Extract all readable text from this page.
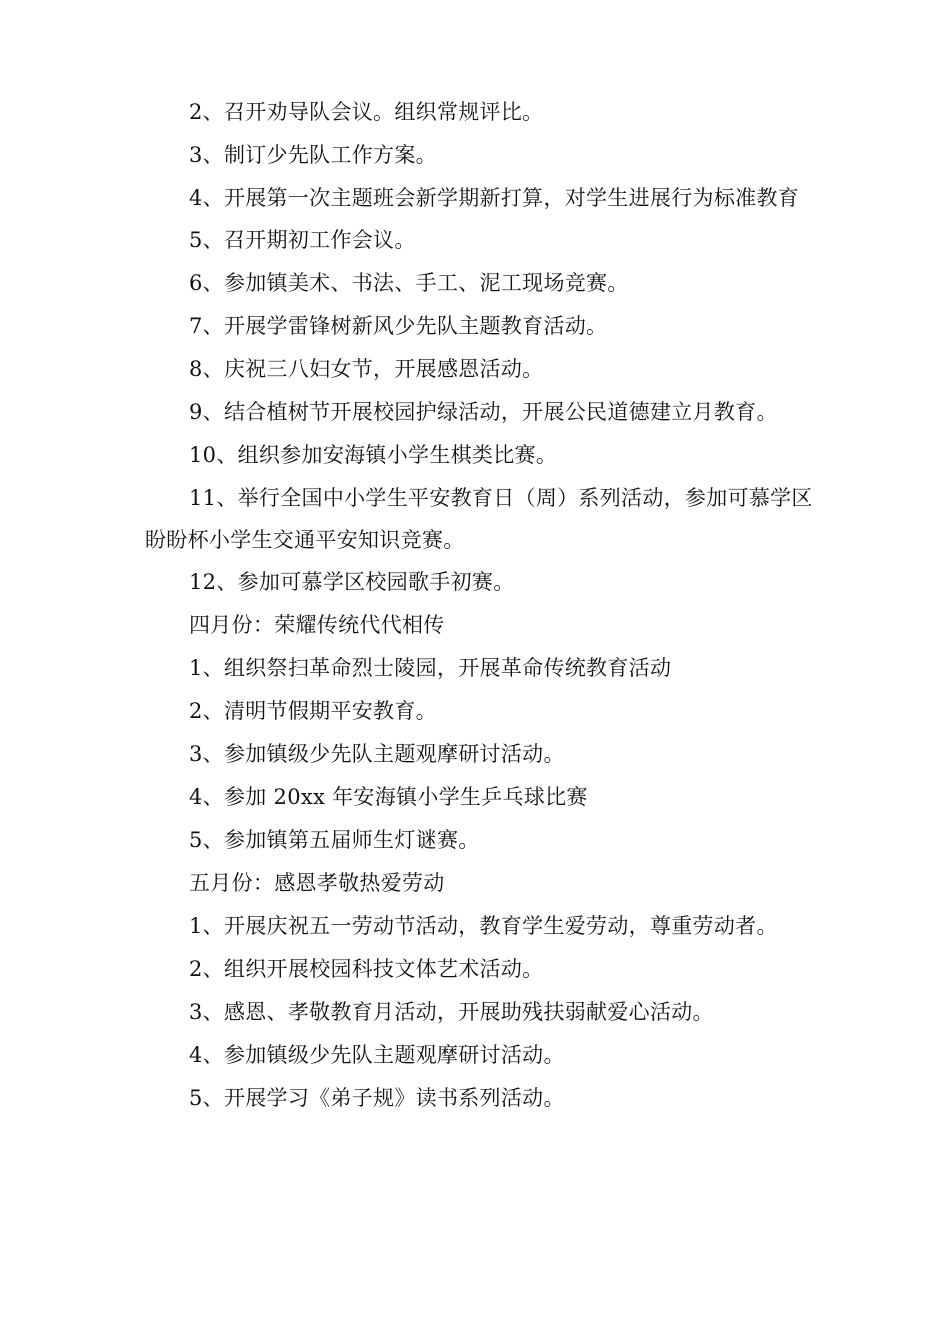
2、召开劝导队会议。组织常规评比。

3、制订少先队工作方案。

4、开展第一次主题班会新学期新打算，对学生进展行为标准教育

5、召开期初工作会议。

6、参加镇美术、书法、手工、泥工现场竞赛。

7、开展学雷锋树新风少先队主题教育活动。

8、庆祝三八妇女节，开展感恩活动。

9、结合植树节开展校园护绿活动，开展公民道德建立月教育。

10、组织参加安海镇小学生棋类比赛。

11、举行全国中小学生平安教育日（周）系列活动，参加可慕学区盼盼杯小学生交通平安知识竞赛。

12、参加可慕学区校园歌手初赛。

四月份：荣耀传统代代相传

1、组织祭扫革命烈士陵园，开展革命传统教育活动

2、清明节假期平安教育。

3、参加镇级少先队主题观摩研讨活动。

4、参加 20xx 年安海镇小学生乒乓球比赛

5、参加镇第五届师生灯谜赛。

五月份：感恩孝敬热爱劳动

1、开展庆祝五一劳动节活动，教育学生爱劳动，尊重劳动者。

2、组织开展校园科技文体艺术活动。

3、感恩、孝敬教育月活动，开展助残扶弱献爱心活动。

4、参加镇级少先队主题观摩研讨活动。

5、开展学习《弟子规》读书系列活动。
